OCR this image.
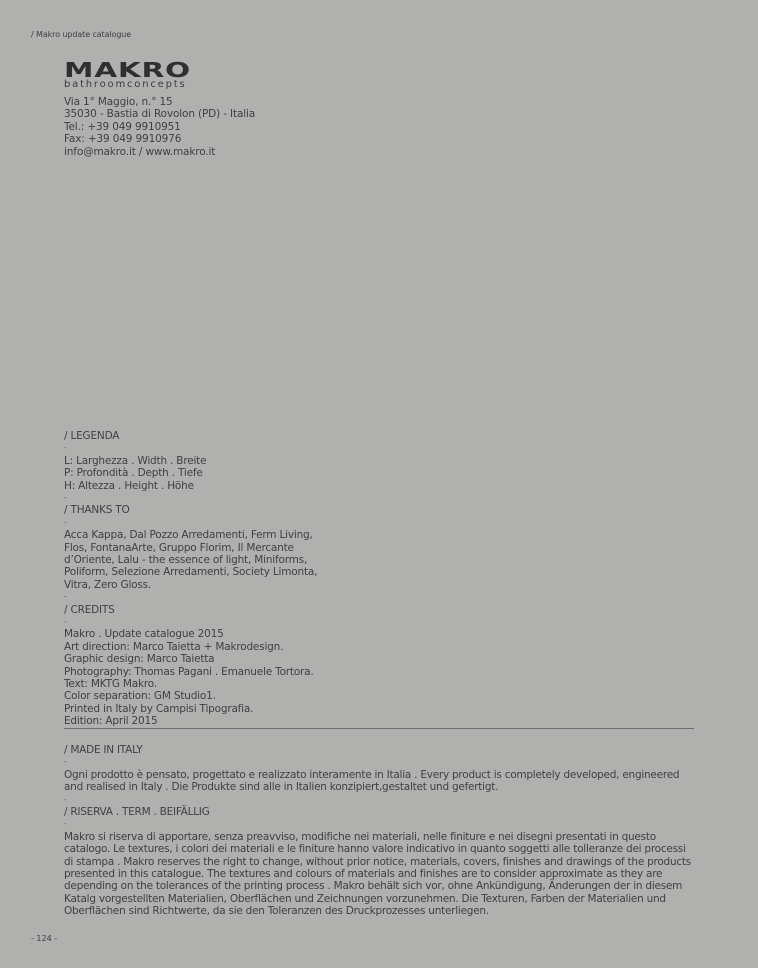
/ Makro update catalogue
MAKRO
bathroomconcepts
Via 1° Maggio, n.° 15
35030 - Bastia di Rovolon (PD) - Italia
Tel.: +39 049 9910951
Fax: +39 049 9910976
info@makro.it / www.makro.it
/ LEGENDA
-
L: Larghezza . Width . Breite
P: Profondità . Depth . Tiefe
H: Altezza . Height . Höhe
-
/ THANKS TO
-
Acca Kappa, Dal Pozzo Arredamenti, Ferm Living, Flos, FontanaArte, Gruppo Florim, Il Mercante d’Oriente, Lalu - the essence of light, Miniforms, Poliform, Selezione Arredamenti, Society Limonta, Vitra, Zero Gloss.
-
/ CREDITS
-
Makro . Update catalogue 2015
Art direction: Marco Taietta + Makrodesign.
Graphic design: Marco Taietta
Photography: Thomas Pagani . Emanuele Tortora.
Text: MKTG Makro.
Color separation: GM Studio1.
Printed in Italy by Campisi Tipografia.
Edition: April 2015
/ MADE IN ITALY
-
Ogni prodotto è pensato, progettato e realizzato interamente in Italia . Every product is completely developed, engineered and realised in Italy . Die Produkte sind alle in Italien konzipiert,gestaltet und gefertigt.
-
/ RISERVA . TERM . BEIFÄLLIG
-
Makro si riserva di apportare, senza preavviso, modifiche nei materiali, nelle finiture e nei disegni presentati in questo catalogo. Le textures, i colori dei materiali e le finiture hanno valore indicativo in quanto soggetti alle tolleranze dei processi di stampa . Makro reserves the right to change, without prior notice, materials, covers, finishes and drawings of the products presented in this catalogue. The textures and colours of materials and finishes are to consider approximate as they are depending on the tolerances of the printing process . Makro behält sich vor, ohne Ankündigung, Änderungen der in diesem Katalg vorgestellten Materialien, Oberflächen und Zeichnungen vorzunehmen. Die Texturen, Farben der Materialien und Oberflächen sind Richtwerte, da sie den Toleranzen des Druckprozesses unterliegen.
- 124 -
